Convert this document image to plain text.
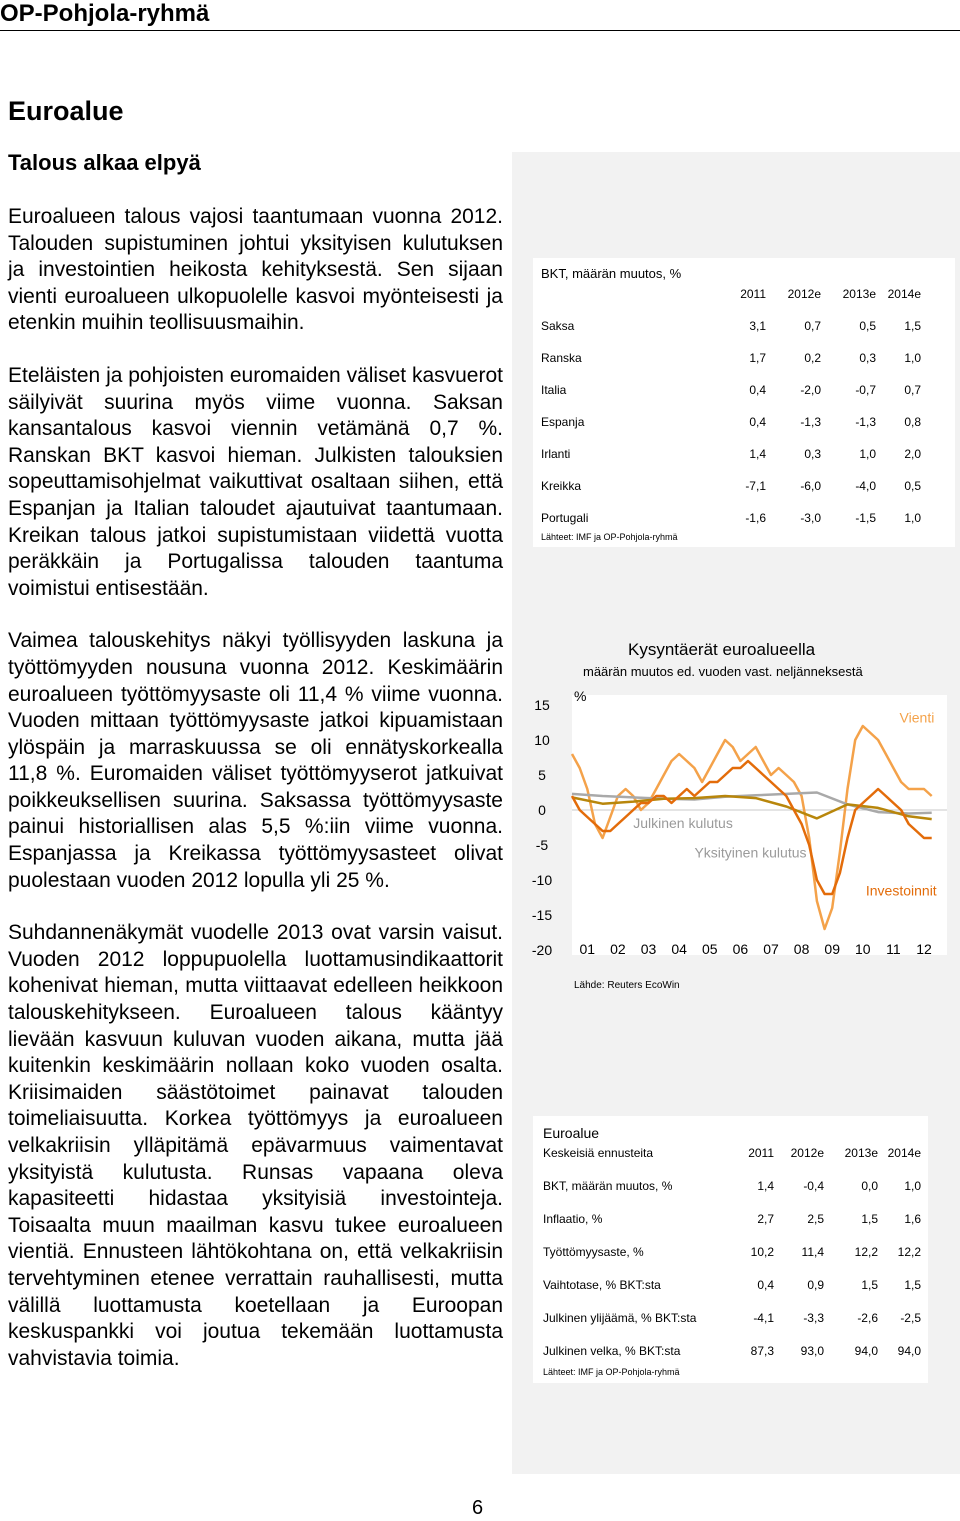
OP-Pohjola-ryhmä
Euroalue
Talous alkaa elpyä

Euroalueen talous vajosi taantumaan vuonna 2012. Talouden supistuminen johtui yksityisen kulutuksen ja investointien heikosta kehityksestä. Sen sijaan vienti euroalueen ulkopuolelle kasvoi myönteisesti ja etenkin muihin teollisuusmaihin.

Eteläisten ja pohjoisten euromaiden väliset kasvuerot säilyivät suurina myös viime vuonna. Saksan kansantalous kasvoi viennin vetämänä 0,7 %. Ranskan BKT kasvoi hieman. Julkisten talouksien sopeuttamisohjelmat vaikuttivat osaltaan siihen, että Espanjan ja Italian taloudet ajautuivat taantumaan. Kreikan talous jatkoi supistumistaan viidettä vuotta peräkkäin ja Portugalissa talouden taantuma voimistui entisestään.

Vaimea talouskehitys näkyi työllisyyden laskuna ja työttömyyden nousuna vuonna 2012. Keskimäärin euroalueen työttömyysaste oli 11,4 % viime vuonna. Vuoden mittaan työttömyysaste jatkoi kipuamistaan ylöspäin ja marraskuussa se oli ennätyskorkealla 11,8 %. Euromaiden väliset työttömyyserot jatkuivat poikkeuksellisen suurina. Saksassa työttömyysaste painui historiallisen alas 5,5 %:iin viime vuonna. Espanjassa ja Kreikassa työttömyysasteet olivat puolestaan vuoden 2012 lopulla yli 25 %.

Suhdannenäkymät vuodelle 2013 ovat varsin vaisut. Vuoden 2012 loppupuolella luottamusindikaattorit kohenivat hieman, mutta viittaavat edelleen heikkoon talouskehitykseen. Euroalueen talous kääntyy lievään kasvuun kuluvan vuoden aikana, mutta jää kuitenkin keskimäärin nollaan koko vuoden osalta. Kriisimaiden säästötoimet painavat talouden toimeliaisuutta. Korkea työttömyys ja euroalueen velkakriisin ylläpitämä epävarmuus vaimentavat yksityistä kulutusta. Runsas vapaana oleva kapasiteetti hidastaa yksityisiä investointeja. Toisaalta muun maailman kasvu tukee euroalueen vientiä. Ennusteen lähtökohtana on, että velkakriisin tervehtyminen etenee verrattain rauhallisesti, mutta välillä luottamusta koetellaan ja Euroopan keskuspankki voi joutua tekemään luottamusta vahvistavia toimia.

BKT, määrän muutos, %
	2011	2012e	2013e	2014e
Saksa	3,1	0,7	0,5	1,5
Ranska	1,7	0,2	0,3	1,0
Italia	0,4	-2,0	-0,7	0,7
Espanja	0,4	-1,3	-1,3	0,8
Irlanti	1,4	0,3	1,0	2,0
Kreikka	-7,1	-6,0	-4,0	0,5
Portugali	-1,6	-3,0	-1,5	1,0
Lähteet: IMF ja OP-Pohjola-ryhmä
Kysyntäerät euroalueella
määrän muutos ed. vuoden vast. neljänneksestä
15
10
5
0
-5
-10
-15
-20 01 02 03 04 05 06 07 08 09 10 11 12
%
Vienti
Julkinen kulutus
Yksityinen kulutus
Investoinnit
Lähde: Reuters EcoWin
Euroalue
Keskeisiä ennusteita	2011	2012e	2013e	2014e
BKT, määrän muutos, %	1,4	-0,4	0,0	1,0
Inflaatio, %	2,7	2,5	1,5	1,6
Työttömyysaste, %	10,2	11,4	12,2	12,2
Vaihtotase, % BKT:sta	0,4	0,9	1,5	1,5
Julkinen ylijäämä, % BKT:sta	-4,1	-3,3	-2,6	-2,5
Julkinen velka, % BKT:sta	87,3	93,0	94,0	94,0
Lähteet: IMF ja OP-Pohjola-ryhmä
6
